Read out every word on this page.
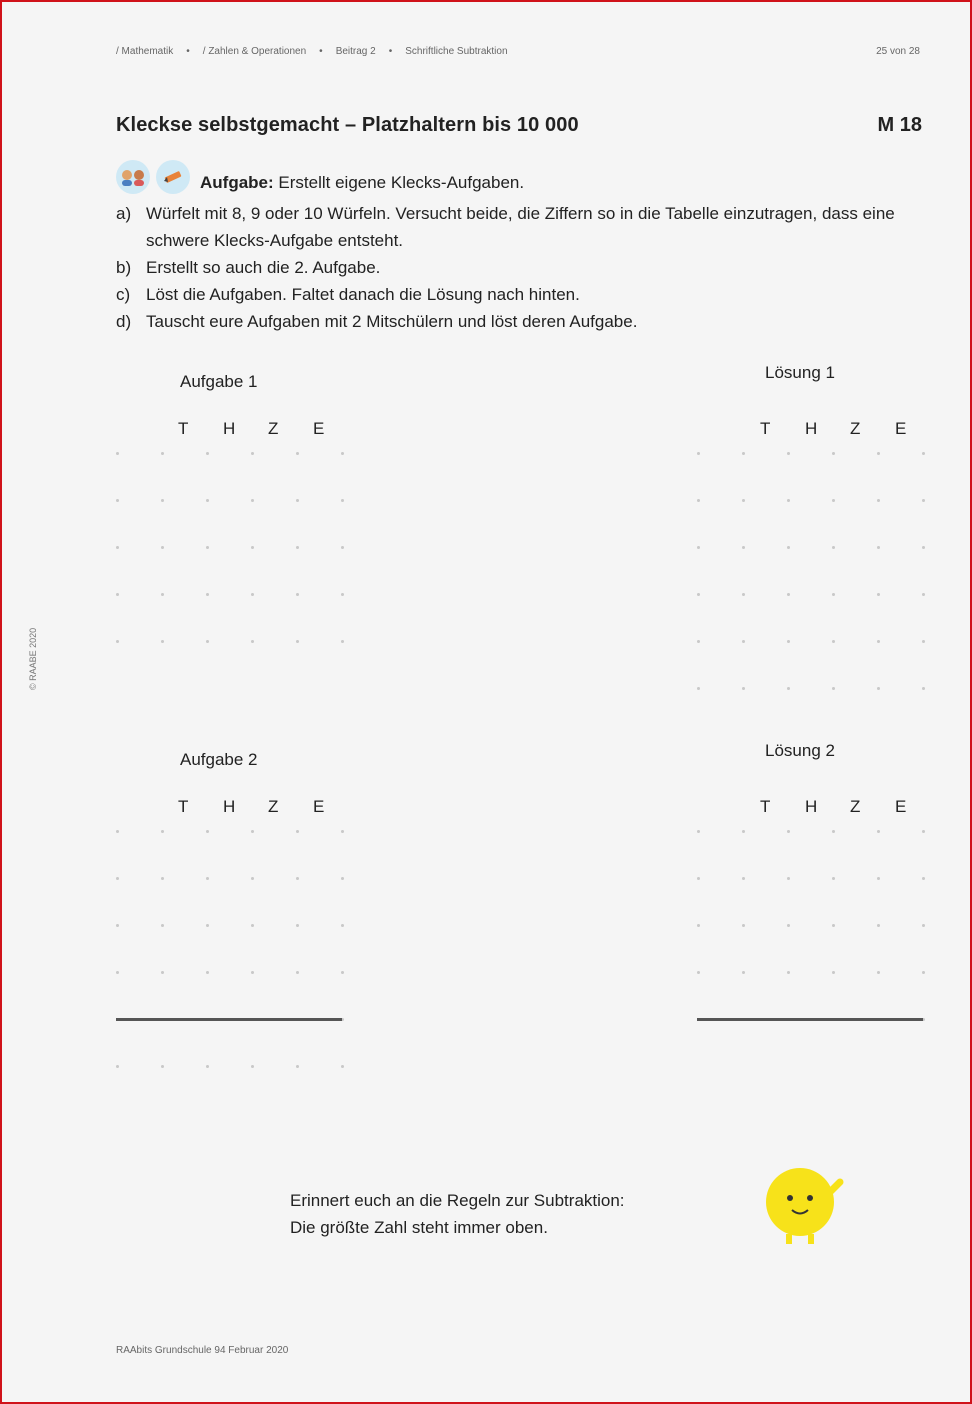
/ Mathematik • / Zahlen & Operationen • Beitrag 2 • Schriftliche Subtraktion	25 von 28
Kleckse selbstgemacht – Platzhaltern bis 10 000	M 18
Aufgabe: Erstellt eigene Klecks-Aufgaben.
a) Würfelt mit 8, 9 oder 10 Würfeln. Versucht beide, die Ziffern so in die Tabelle einzutragen, dass eine schwere Klecks-Aufgabe entsteht.
b) Erstellt so auch die 2. Aufgabe.
c) Löst die Aufgaben. Faltet danach die Lösung nach hinten.
d) Tauscht eure Aufgaben mit 2 Mitschülern und löst deren Aufgabe.
Aufgabe 1
T	H	Z	E
Lösung 1
T	H	Z	E
Aufgabe 2
T	H	Z	E
Lösung 2
T	H	Z	E
Erinnert euch an die Regeln zur Subtraktion:
Die größte Zahl steht immer oben.
RAAbits Grundschule 94 Februar 2020
© RAABE 2020
